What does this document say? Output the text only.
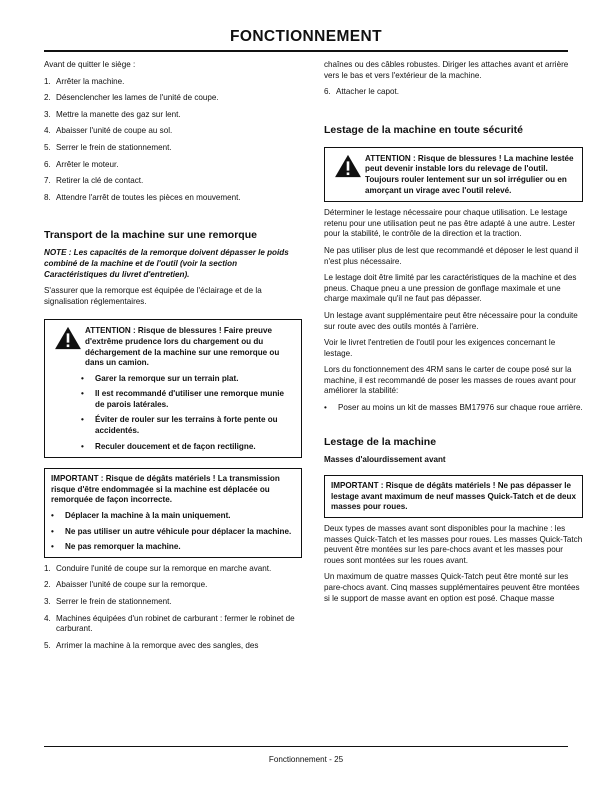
FONCTIONNEMENT

Avant de quitter le siège :

1. Arrêter la machine.
2. Désenclencher les lames de l'unité de coupe.
3. Mettre la manette des gaz sur lent.
4. Abaisser l'unité de coupe au sol.
5. Serrer le frein de stationnement.
6. Arrêter le moteur.
7. Retirer la clé de contact.
8. Attendre l'arrêt de toutes les pièces en mouvement.
Transport de la machine sur une remorque

NOTE : Les capacités de la remorque doivent dépasser le poids combiné de la machine et de l'outil (voir la section Caractéristiques du livret d'entretien).

S'assurer que la remorque est équipée de l'éclairage et de la signalisation réglementaires.

ATTENTION : Risque de blessures ! Faire preuve d'extrême prudence lors du chargement ou du déchargement de la machine sur une remorque ou dans un camion.
•	Garer la remorque sur un terrain plat.
•	Il est recommandé d'utiliser une remorque munie de parois latérales.
•	Éviter de rouler sur les terrains à forte pente ou accidentés.
•	Reculer doucement et de façon rectiligne.
IMPORTANT : Risque de dégâts matériels ! La transmission risque d'être endommagée si la machine est déplacée ou remorquée de façon incorrecte.
•	Déplacer la machine à la main uniquement.
•	Ne pas utiliser un autre véhicule pour déplacer la machine.
•	Ne pas remorquer la machine.
1. Conduire l'unité de coupe sur la remorque en marche avant.
2. Abaisser l'unité de coupe sur la remorque.
3. Serrer le frein de stationnement.
4. Machines équipées d'un robinet de carburant : fermer le robinet de carburant.
5. Arrimer la machine à la remorque avec des sangles, des

chaînes ou des câbles robustes. Diriger les attaches avant et arrière vers le bas et vers l'extérieur de la machine.

6. Attacher le capot.
Lestage de la machine en toute sécurité
ATTENTION : Risque de blessures ! La machine lestée peut devenir instable lors du relevage de l'outil. Toujours rouler lentement sur un sol irrégulier ou en amorçant un virage avec l'outil relevé.

Déterminer le lestage nécessaire pour chaque utilisation. Le lestage retenu pour une utilisation peut ne pas être adapté à une autre. Lester pour la stabilité, le contrôle de la direction et la traction.

Ne pas utiliser plus de lest que recommandé et déposer le lest quand il n'est plus nécessaire.

Le lestage doit être limité par les caractéristiques de la machine et des pneus. Chaque pneu a une pression de gonflage maximale et une charge maximale qu'il ne faut pas dépasser.

Un lestage avant supplémentaire peut être nécessaire pour la conduite sur route avec des outils montés à l'arrière.

Voir le livret l'entretien de l'outil pour les exigences concernant le lestage.

Lors du fonctionnement des 4RM sans le carter de coupe posé sur la machine, il est recommandé de poser les masses de roues avant pour améliorer la stabilité:

•	Poser au moins un kit de masses BM17976 sur chaque roue arrière.
Lestage de la machine
Masses d'alourdissement avant
IMPORTANT : Risque de dégâts matériels ! Ne pas dépasser le lestage avant maximum de neuf masses Quick-Tatch et de deux masses pour roues.

Deux types de masses avant sont disponibles pour la machine : les masses Quick-Tatch et les masses pour roues. Les masses Quick-Tatch peuvent être montées sur les pare-chocs avant et les masses pour roues sont montées sur les roues avant.

Un maximum de quatre masses Quick-Tatch peut être monté sur les pare-chocs avant. Cinq masses supplémentaires peuvent être montées si le support de masse avant en option est posé. Chaque masse

Fonctionnement - 25
